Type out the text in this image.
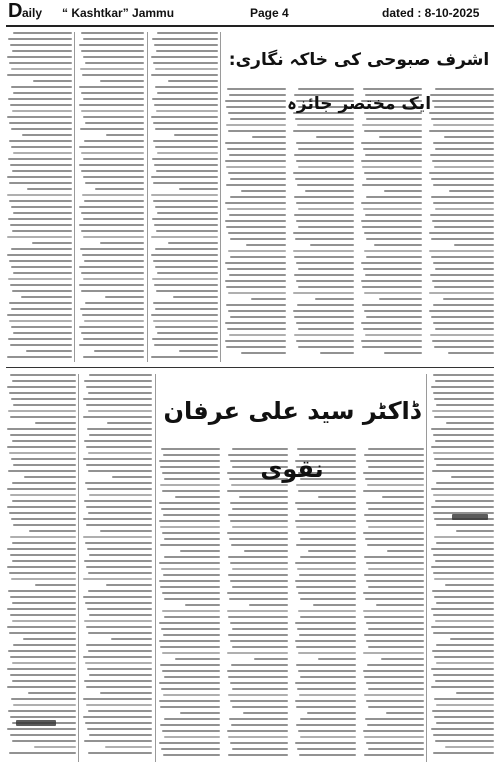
D aily “ Kashtkar” Jammu	Page 4	dated : 8-10-2025
اشرف صبوحی کی خاکہ نگاری: ایک مختصر جائزہ
ڈاکٹر سید علی عرفان نقوی
